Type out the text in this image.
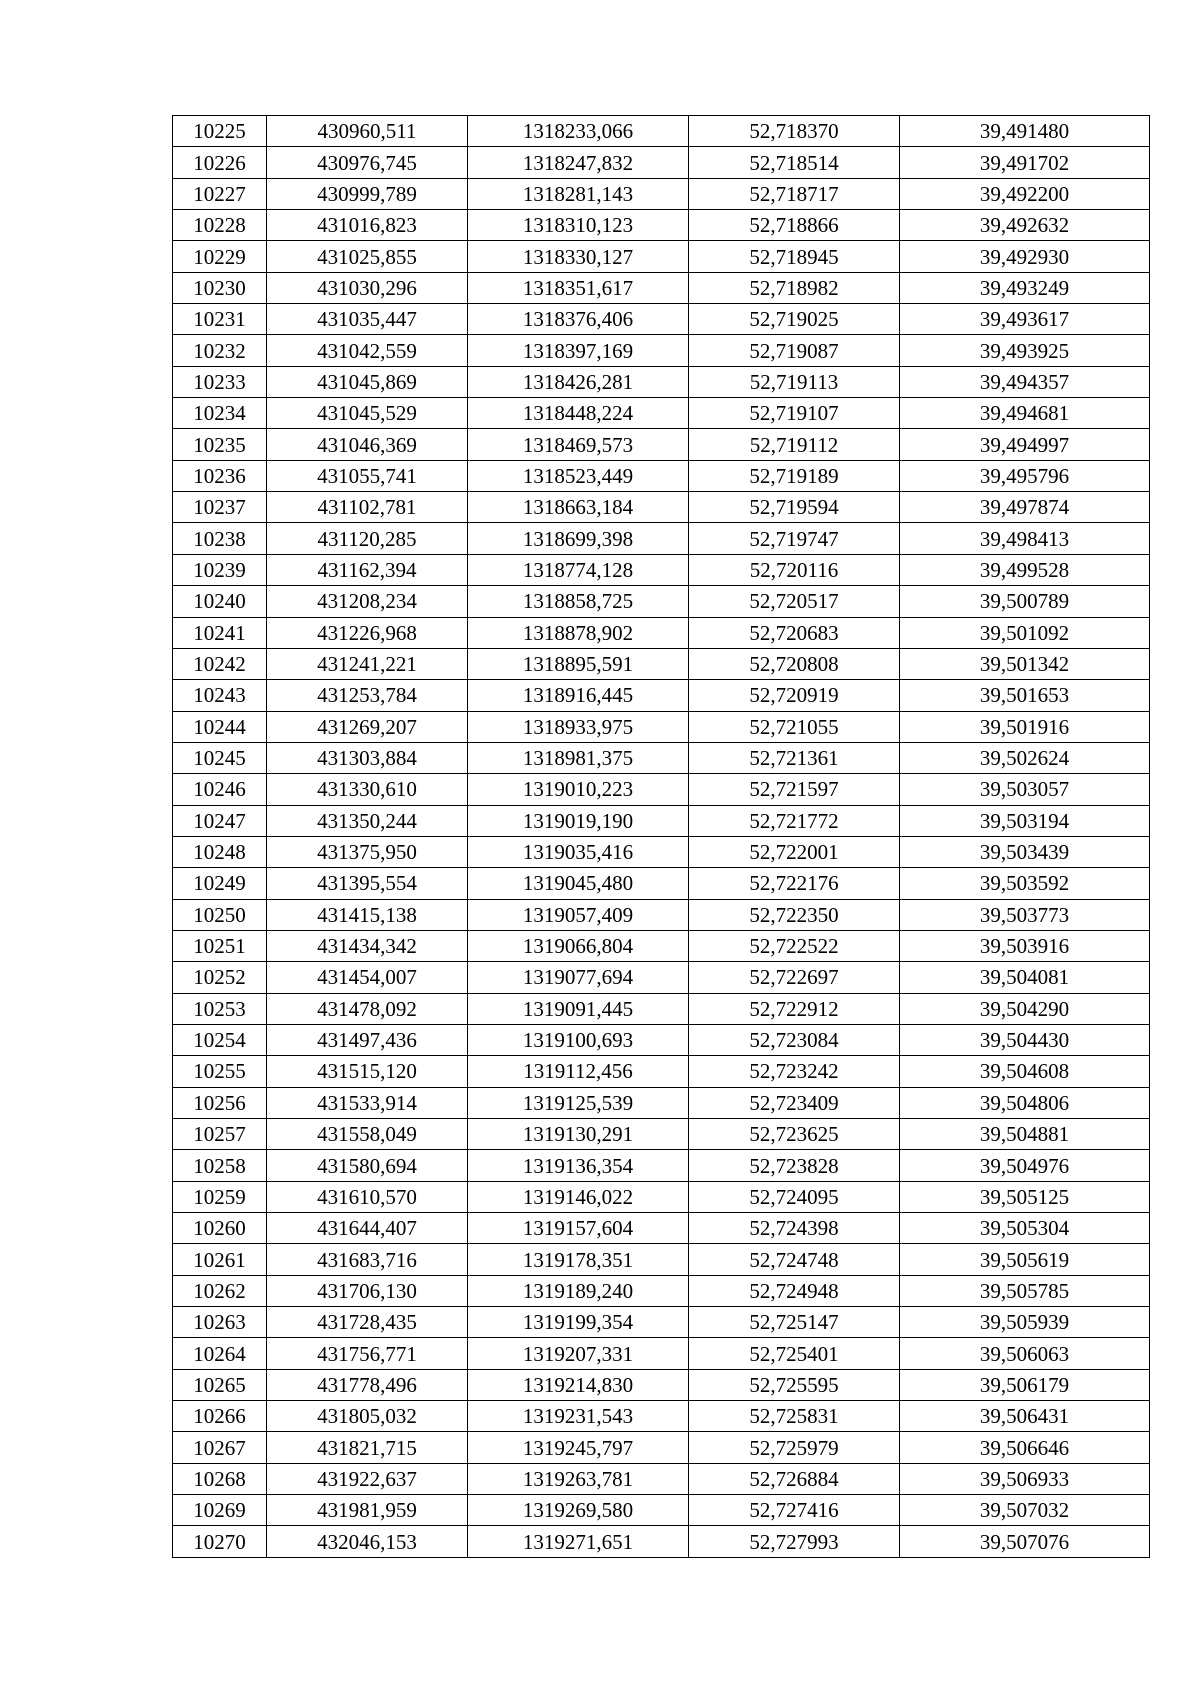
10225	430960,511	1318233,066	52,718370	39,491480
10226	430976,745	1318247,832	52,718514	39,491702
10227	430999,789	1318281,143	52,718717	39,492200
10228	431016,823	1318310,123	52,718866	39,492632
10229	431025,855	1318330,127	52,718945	39,492930
10230	431030,296	1318351,617	52,718982	39,493249
10231	431035,447	1318376,406	52,719025	39,493617
10232	431042,559	1318397,169	52,719087	39,493925
10233	431045,869	1318426,281	52,719113	39,494357
10234	431045,529	1318448,224	52,719107	39,494681
10235	431046,369	1318469,573	52,719112	39,494997
10236	431055,741	1318523,449	52,719189	39,495796
10237	431102,781	1318663,184	52,719594	39,497874
10238	431120,285	1318699,398	52,719747	39,498413
10239	431162,394	1318774,128	52,720116	39,499528
10240	431208,234	1318858,725	52,720517	39,500789
10241	431226,968	1318878,902	52,720683	39,501092
10242	431241,221	1318895,591	52,720808	39,501342
10243	431253,784	1318916,445	52,720919	39,501653
10244	431269,207	1318933,975	52,721055	39,501916
10245	431303,884	1318981,375	52,721361	39,502624
10246	431330,610	1319010,223	52,721597	39,503057
10247	431350,244	1319019,190	52,721772	39,503194
10248	431375,950	1319035,416	52,722001	39,503439
10249	431395,554	1319045,480	52,722176	39,503592
10250	431415,138	1319057,409	52,722350	39,503773
10251	431434,342	1319066,804	52,722522	39,503916
10252	431454,007	1319077,694	52,722697	39,504081
10253	431478,092	1319091,445	52,722912	39,504290
10254	431497,436	1319100,693	52,723084	39,504430
10255	431515,120	1319112,456	52,723242	39,504608
10256	431533,914	1319125,539	52,723409	39,504806
10257	431558,049	1319130,291	52,723625	39,504881
10258	431580,694	1319136,354	52,723828	39,504976
10259	431610,570	1319146,022	52,724095	39,505125
10260	431644,407	1319157,604	52,724398	39,505304
10261	431683,716	1319178,351	52,724748	39,505619
10262	431706,130	1319189,240	52,724948	39,505785
10263	431728,435	1319199,354	52,725147	39,505939
10264	431756,771	1319207,331	52,725401	39,506063
10265	431778,496	1319214,830	52,725595	39,506179
10266	431805,032	1319231,543	52,725831	39,506431
10267	431821,715	1319245,797	52,725979	39,506646
10268	431922,637	1319263,781	52,726884	39,506933
10269	431981,959	1319269,580	52,727416	39,507032
10270	432046,153	1319271,651	52,727993	39,507076
